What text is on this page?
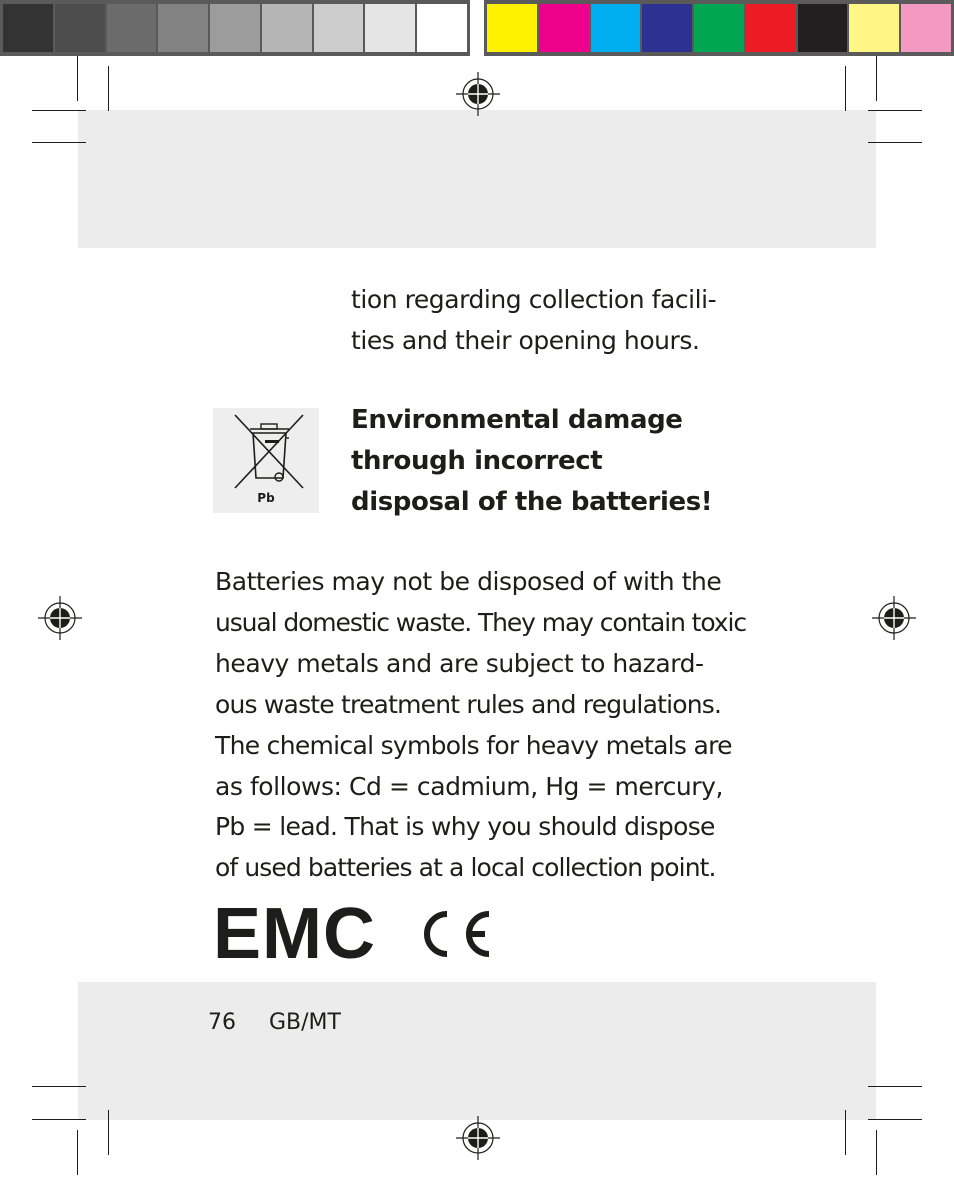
tion regarding collection facili-
ties and their opening hours.

Pb
Environmental damage
through incorrect
disposal of the batteries!

Batteries may not be disposed of with the
usual domestic waste. They may contain toxic
heavy metals and are subject to hazard-
ous waste treatment rules and regulations.
The chemical symbols for heavy metals are
as follows: Cd = cadmium, Hg = mercury,
Pb = lead. That is why you should dispose
of used batteries at a local collection point.

EMC
76 GB/MT
